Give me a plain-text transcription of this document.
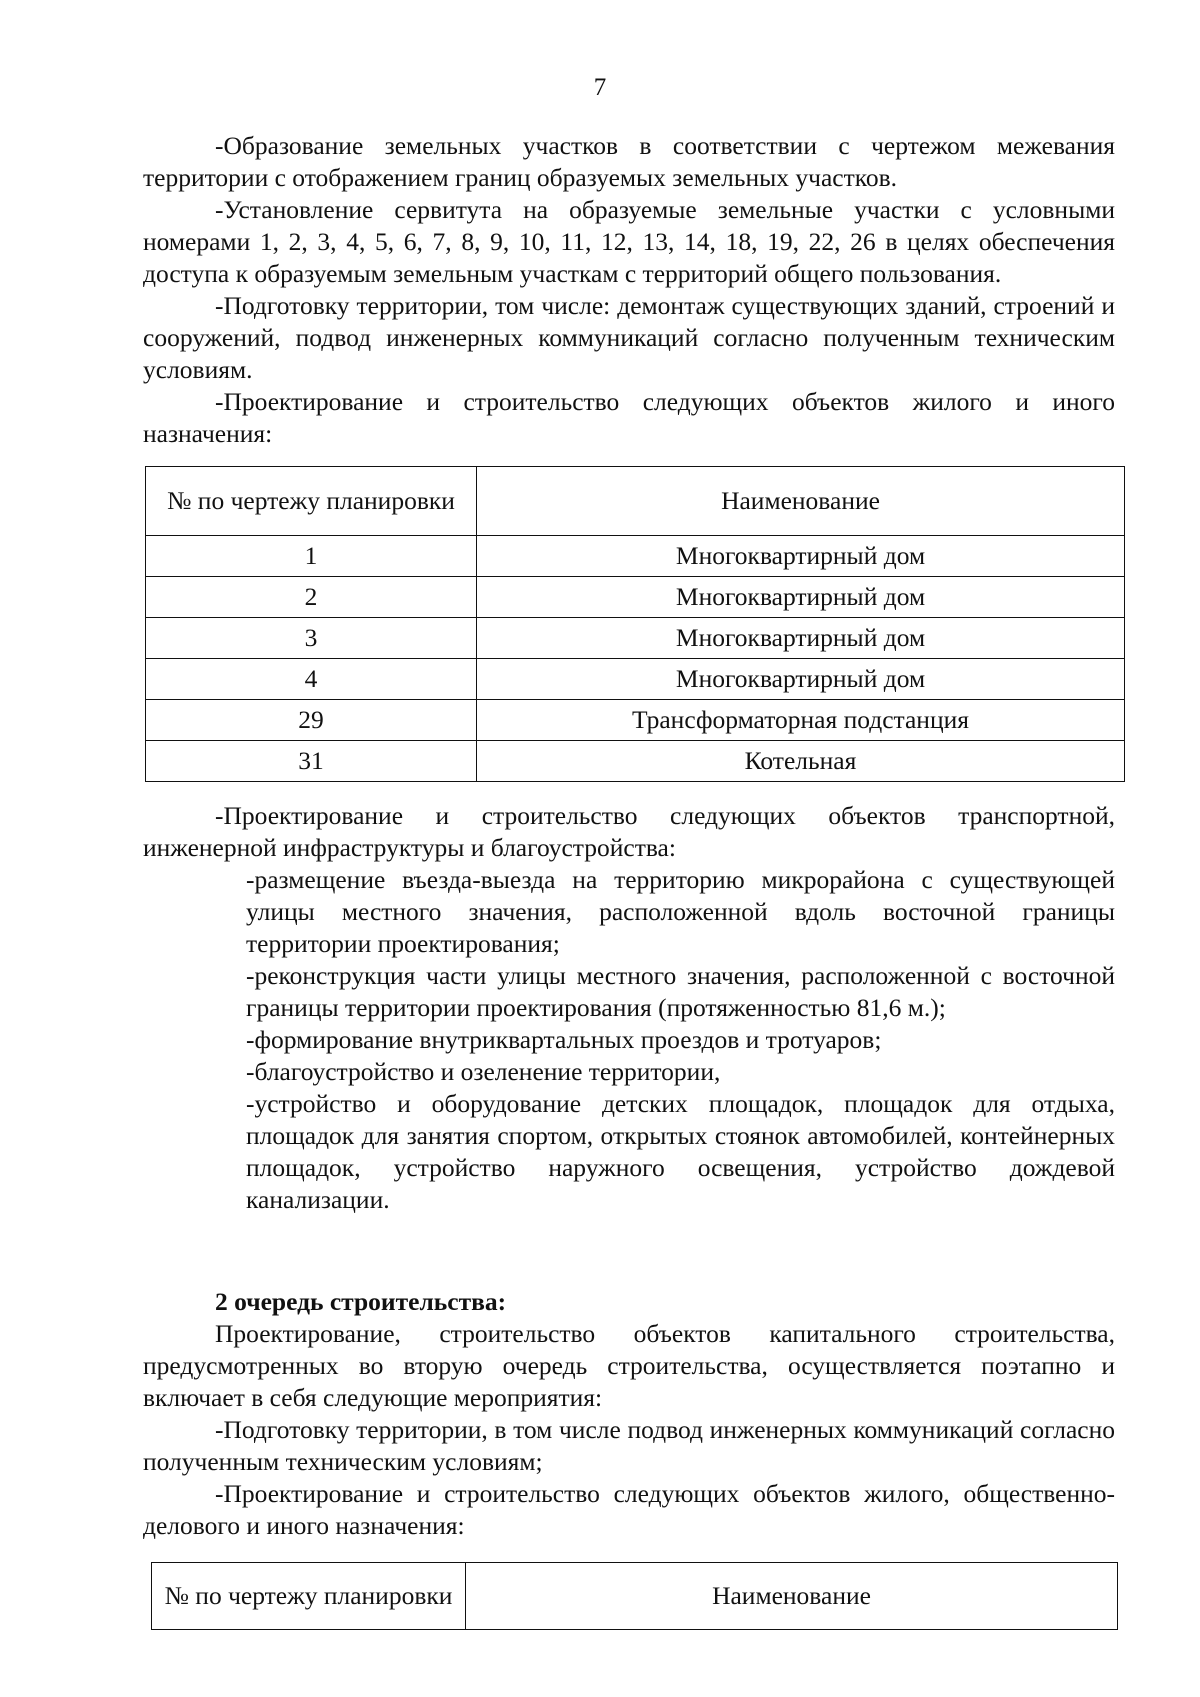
7

-Образование земельных участков в соответствии с чертежом межевания территории с отображением границ образуемых земельных участков.

-Установление сервитута на образуемые земельные участки с условными номерами 1, 2, 3, 4, 5, 6, 7, 8, 9, 10, 11, 12, 13, 14, 18, 19, 22, 26 в целях обеспечения доступа к образуемым земельным участкам с территорий общего пользования.

-Подготовку территории, том числе: демонтаж существующих зданий, строений и сооружений, подвод инженерных коммуникаций согласно полученным техническим условиям.

-Проектирование и строительство следующих объектов жилого и иного назначения:

№ по чертежу планировки	Наименование
1	Многоквартирный дом
2	Многоквартирный дом
3	Многоквартирный дом
4	Многоквартирный дом
29	Трансформаторная подстанция
31	Котельная

-Проектирование и строительство следующих объектов транспортной, инженерной инфраструктуры и благоустройства:

-размещение въезда-выезда на территорию микрорайона с существующей улицы местного значения, расположенной вдоль восточной границы территории проектирования;

-реконструкция части улицы местного значения, расположенной с восточной границы территории проектирования (протяженностью 81,6 м.);

-формирование внутриквартальных проездов и тротуаров;

-благоустройство и озеленение территории,

-устройство и оборудование детских площадок, площадок для отдыха, площадок для занятия спортом, открытых стоянок автомобилей, контейнерных площадок, устройство наружного освещения, устройство дождевой канализации.

2 очередь строительства:

Проектирование, строительство объектов капитального строительства, предусмотренных во вторую очередь строительства, осуществляется поэтапно и включает в себя следующие мероприятия:

-Подготовку территории, в том числе подвод инженерных коммуникаций согласно полученным техническим условиям;

-Проектирование и строительство следующих объектов жилого, общественно-делового и иного назначения:

№ по чертежу планировки	Наименование
